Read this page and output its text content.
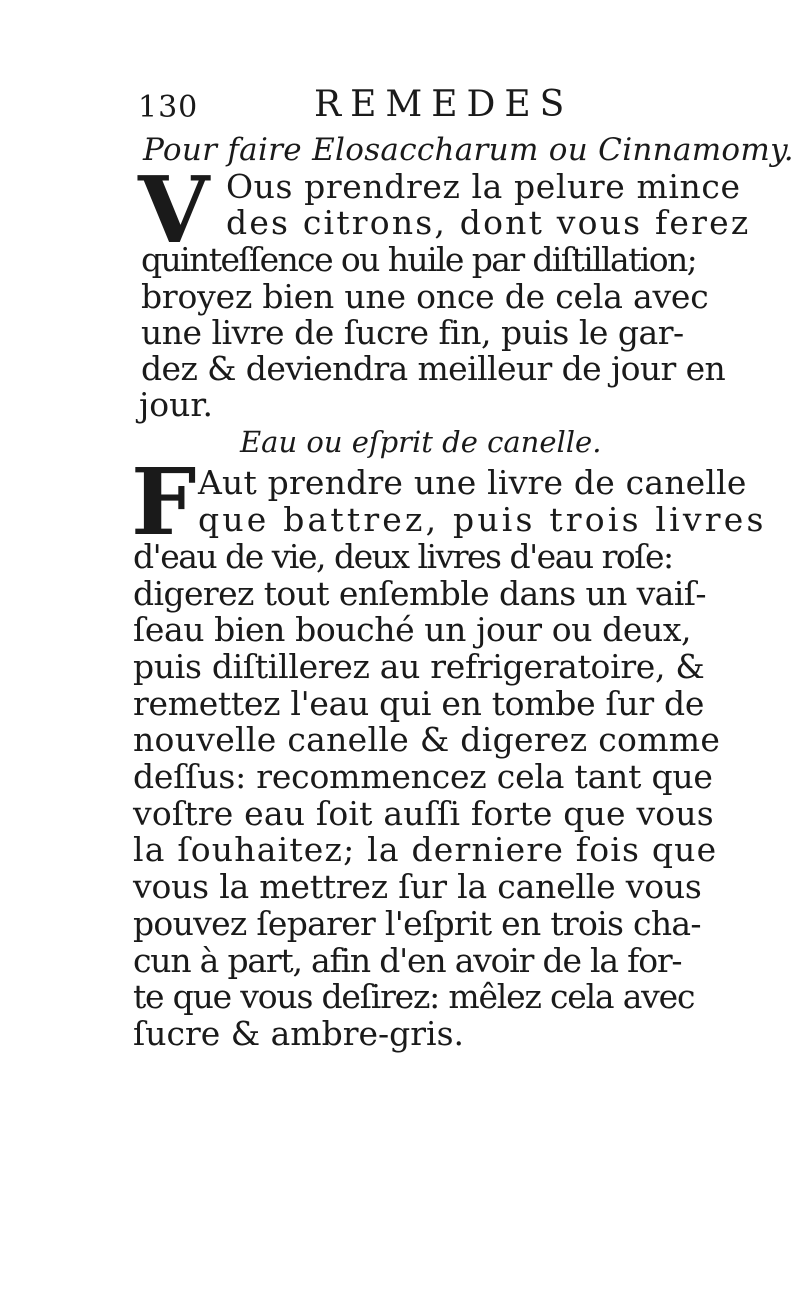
130	REMEDES
Pour faire Elosaccharum ou Cinnamomy.
V Ous prendrez la pelure mince
des citrons, dont vous ferez
quinteſſence ou huile par diſtillation;
broyez bien une once de cela avec
une livre de ſucre fin, puis le gar-
dez & deviendra meilleur de jour en
jour.
Eau ou eſprit de canelle.
F Aut prendre une livre de canelle
que battrez, puis trois livres
d'eau de vie, deux livres d'eau roſe:
digerez tout enſemble dans un vaiſ-
ſeau bien bouché un jour ou deux,
puis diſtillerez au refrigeratoire, &
remettez l'eau qui en tombe ſur de
nouvelle canelle & digerez comme
deſſus: recommencez cela tant que
voſtre eau ſoit auſſi forte que vous
la ſouhaitez; la derniere fois que
vous la mettrez ſur la canelle vous
pouvez ſeparer l'eſprit en trois cha-
cun à part, afin d'en avoir de la for-
te que vous deſirez: mêlez cela avec
ſucre & ambre-gris.
